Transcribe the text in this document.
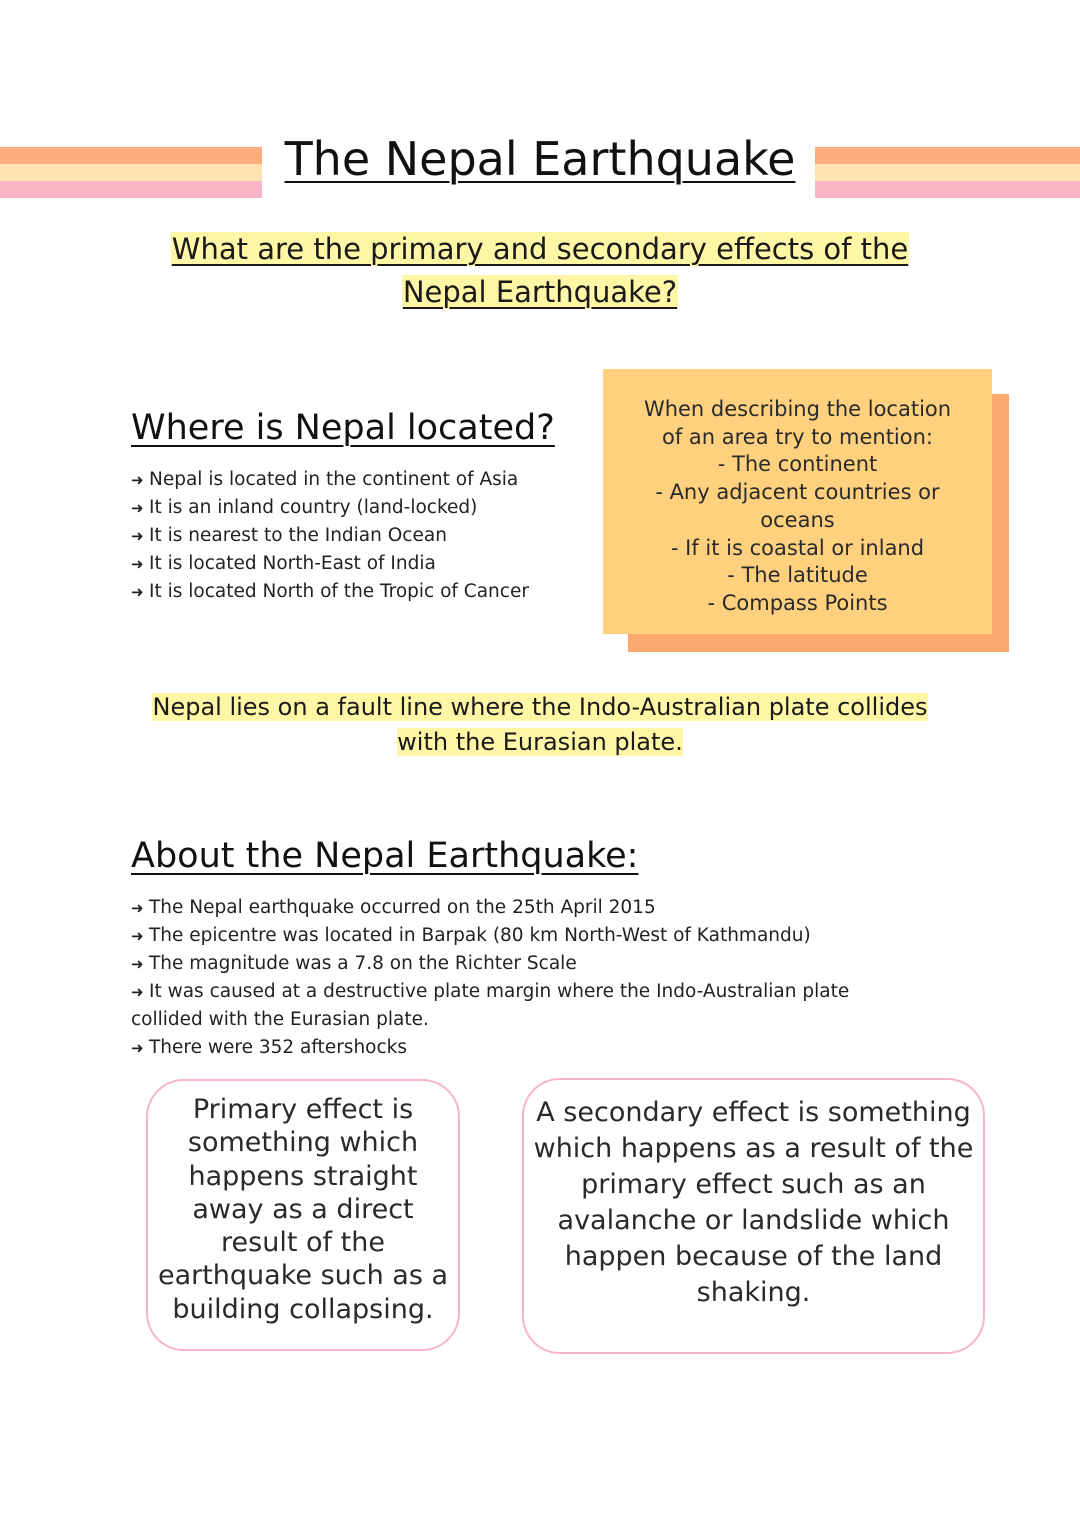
The Nepal Earthquake
What are the primary and secondary effects of the
Nepal Earthquake?
Where is Nepal located?
➜ Nepal is located in the continent of Asia
➜ It is an inland country (land-locked)
➜ It is nearest to the Indian Ocean
➜ It is located North-East of India
➜ It is located North of the Tropic of Cancer
When describing the location
of an area try to mention:
- The continent
- Any adjacent countries or
oceans
- If it is coastal or inland
- The latitude
- Compass Points
Nepal lies on a fault line where the Indo-Australian plate collides
with the Eurasian plate.
About the Nepal Earthquake:
➜ The Nepal earthquake occurred on the 25th April 2015
➜ The epicentre was located in Barpak (80 km North-West of Kathmandu)
➜ The magnitude was a 7.8 on the Richter Scale
➜ It was caused at a destructive plate margin where the Indo-Australian plate
collided with the Eurasian plate.
➜ There were 352 aftershocks
Primary effect is
something which
happens straight
away as a direct
result of the
earthquake such as a
building collapsing.
A secondary effect is something
which happens as a result of the
primary effect such as an
avalanche or landslide which
happen because of the land
shaking.
